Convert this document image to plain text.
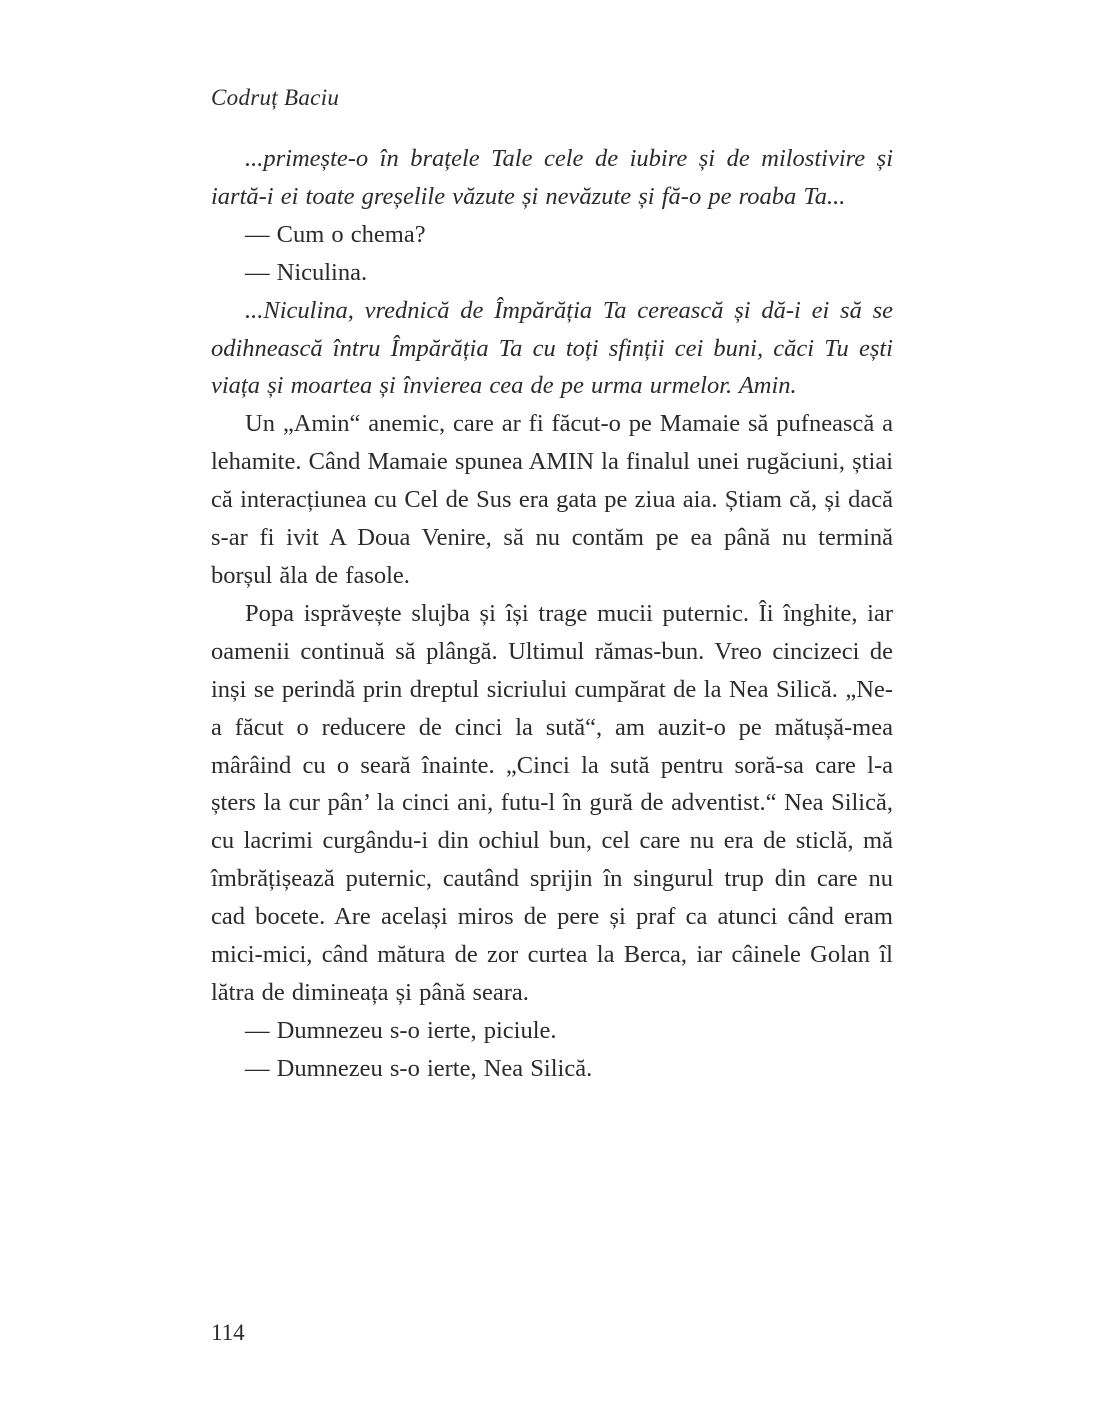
Codruț Baciu

...primește-o în brațele Tale cele de iubire și de milostivire și iartă-i ei toate greșelile văzute și nevăzute și fă-o pe roaba Ta...

— Cum o chema?

— Niculina.

...Niculina, vrednică de Împărăția Ta cerească și dă-i ei să se odihnească întru Împărăția Ta cu toți sfinții cei buni, căci Tu ești viața și moartea și învierea cea de pe urma urmelor. Amin.

Un „Amin“ anemic, care ar fi făcut-o pe Mamaie să pufnească a lehamite. Când Mamaie spunea AMIN la finalul unei rugăciuni, știai că interacțiunea cu Cel de Sus era gata pe ziua aia. Știam că, și dacă s-ar fi ivit A Doua Venire, să nu contăm pe ea până nu termină borșul ăla de fasole.

Popa isprăvește slujba și își trage mucii puternic. Îi înghite, iar oamenii continuă să plângă. Ultimul rămas-bun. Vreo cincizeci de inși se perindă prin dreptul sicriului cumpărat de la Nea Silică. „Ne-a făcut o reducere de cinci la sută“, am auzit-o pe mătușă-mea mârâind cu o seară înainte. „Cinci la sută pentru soră-sa care l-a șters la cur pân’ la cinci ani, futu-l în gură de adventist.“ Nea Silică, cu lacrimi curgându-i din ochiul bun, cel care nu era de sticlă, mă îmbrățișează puternic, cautând sprijin în singurul trup din care nu cad bocete. Are același miros de pere și praf ca atunci când eram mici-mici, când mătura de zor curtea la Berca, iar câinele Golan îl lătra de dimineața și până seara.

— Dumnezeu s-o ierte, piciule.

— Dumnezeu s-o ierte, Nea Silică.

114
